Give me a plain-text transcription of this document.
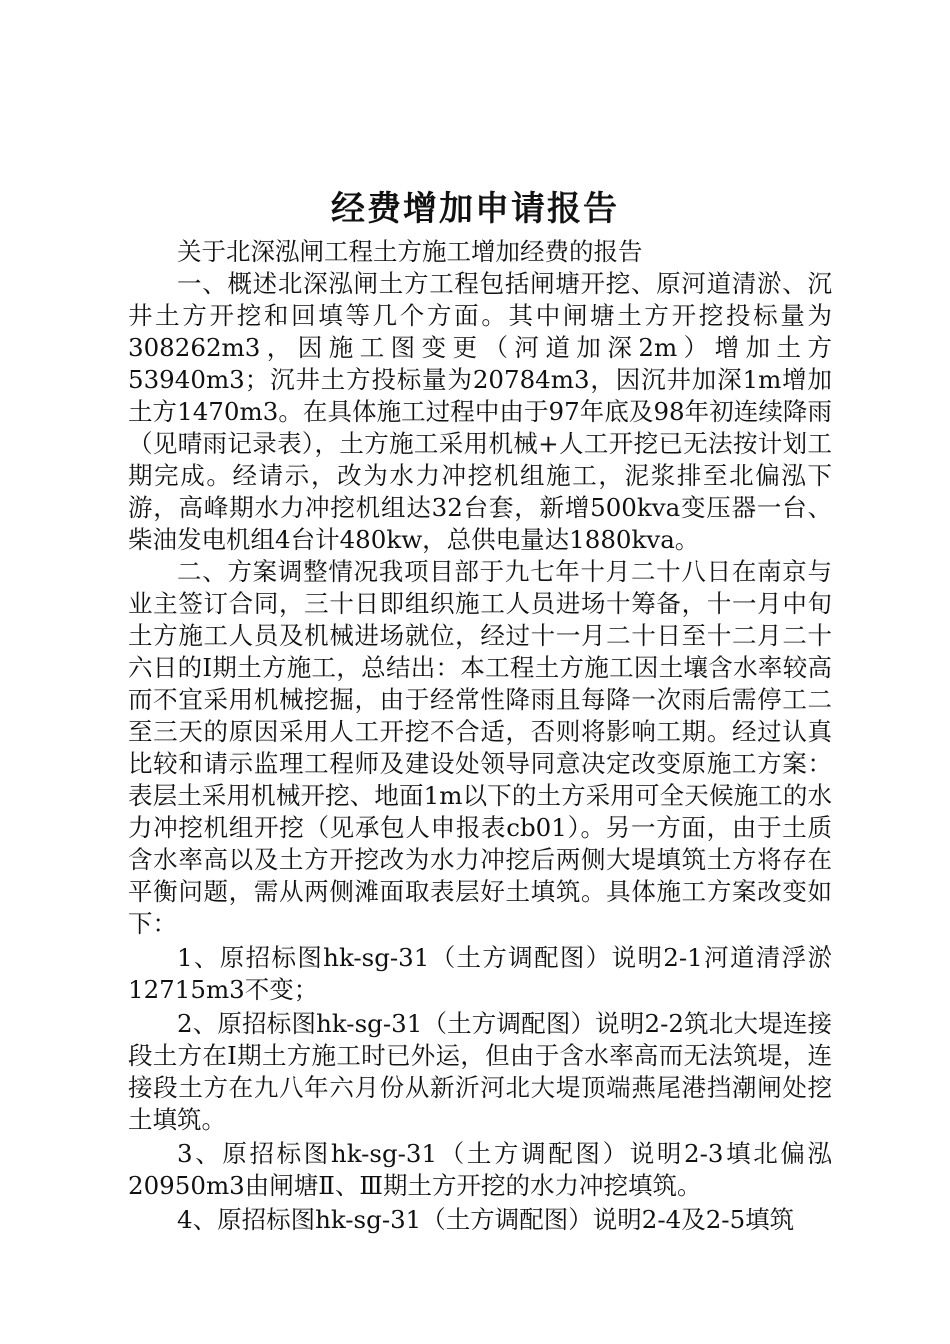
经费增加申请报告

关于北深泓闸工程土方施工增加经费的报告

一、概述北深泓闸土方工程包括闸塘开挖、原河道清淤、沉井土方开挖和回填等几个方面。其中闸塘土方开挖投标量为308262m3，因施工图变更（河道加深2m）增加土方53940m3；沉井土方投标量为20784m3，因沉井加深1m增加土方1470m3。在具体施工过程中由于97年底及98年初连续降雨（见晴雨记录表），土方施工采用机械+人工开挖已无法按计划工期完成。经请示，改为水力冲挖机组施工，泥浆排至北偏泓下游，高峰期水力冲挖机组达32台套，新增500kva变压器一台、柴油发电机组4台计480kw，总供电量达1880kva。

二、方案调整情况我项目部于九七年十月二十八日在南京与业主签订合同，三十日即组织施工人员进场十筹备，十一月中旬土方施工人员及机械进场就位，经过十一月二十日至十二月二十六日的Ⅰ期土方施工，总结出：本工程土方施工因土壤含水率较高而不宜采用机械挖掘，由于经常性降雨且每降一次雨后需停工二至三天的原因采用人工开挖不合适，否则将影响工期。经过认真比较和请示监理工程师及建设处领导同意决定改变原施工方案：表层土采用机械开挖、地面1m以下的土方采用可全天候施工的水力冲挖机组开挖（见承包人申报表cb01）。另一方面，由于土质含水率高以及土方开挖改为水力冲挖后两侧大堤填筑土方将存在平衡问题，需从两侧滩面取表层好土填筑。具体施工方案改变如下：

1、原招标图hk-sg-31（土方调配图）说明2-1河道清浮淤12715m3不变；

2、原招标图hk-sg-31（土方调配图）说明2-2筑北大堤连接段土方在Ⅰ期土方施工时已外运，但由于含水率高而无法筑堤，连接段土方在九八年六月份从新沂河北大堤顶端燕尾港挡潮闸处挖土填筑。

3、原招标图hk-sg-31（土方调配图）说明2-3填北偏泓20950m3由闸塘Ⅱ、Ⅲ期土方开挖的水力冲挖填筑。

4、原招标图hk-sg-31（土方调配图）说明2-4及2-5填筑
